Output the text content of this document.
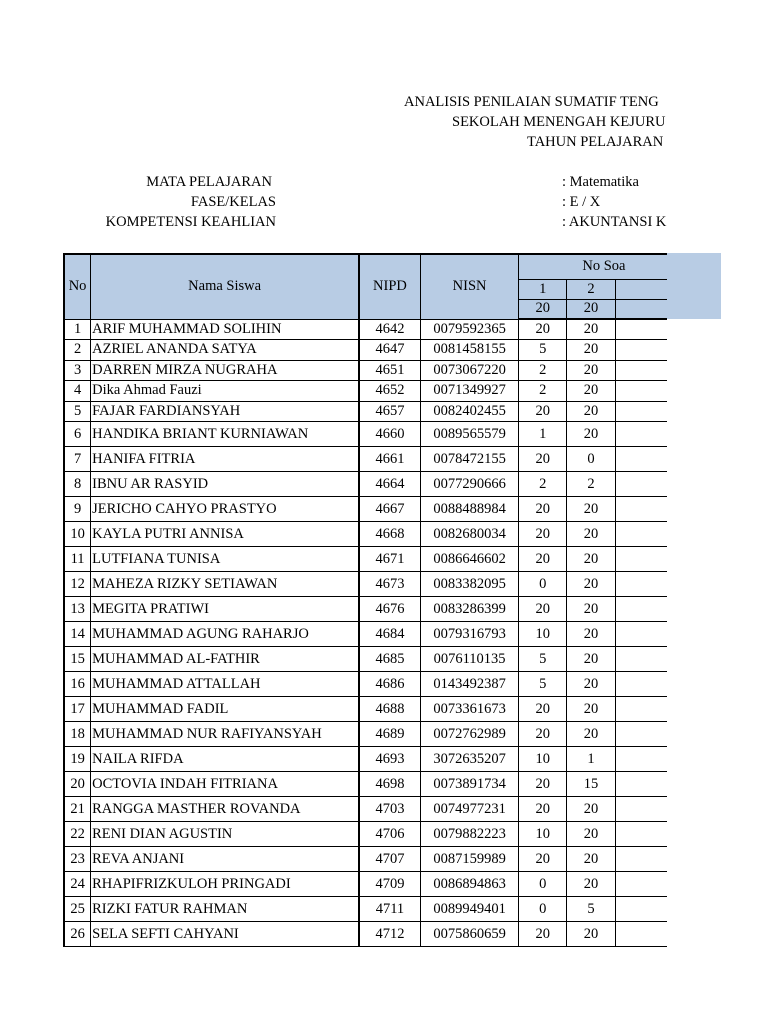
ANALISIS PENILAIAN SUMATIF TENG
SEKOLAH MENENGAH KEJURU
TAHUN PELAJARAN
MATA PELAJARAN	: Matematika
FASE/KELAS	: E / X
KOMPETENSI KEAHLIAN	: AKUNTANSI K
No	Nama Siswa	NIPD	NISN	No Soa		
				1	2	
				20	20	
1	ARIF MUHAMMAD SOLIHIN	4642	0079592365	20	20	
2	AZRIEL ANANDA SATYA	4647	0081458155	5	20	
3	DARREN MIRZA NUGRAHA	4651	0073067220	2	20	
4	Dika Ahmad Fauzi	4652	0071349927	2	20	
5	FAJAR FARDIANSYAH	4657	0082402455	20	20	
6	HANDIKA BRIANT KURNIAWAN	4660	0089565579	1	20	
7	HANIFA FITRIA	4661	0078472155	20	0	
8	IBNU AR RASYID	4664	0077290666	2	2	
9	JERICHO CAHYO PRASTYO	4667	0088488984	20	20	
10	KAYLA PUTRI ANNISA	4668	0082680034	20	20	
11	LUTFIANA TUNISA	4671	0086646602	20	20	
12	MAHEZA RIZKY SETIAWAN	4673	0083382095	0	20	
13	MEGITA PRATIWI	4676	0083286399	20	20	
14	MUHAMMAD AGUNG RAHARJO	4684	0079316793	10	20	
15	MUHAMMAD AL-FATHIR	4685	0076110135	5	20	
16	MUHAMMAD ATTALLAH	4686	0143492387	5	20	
17	MUHAMMAD FADIL	4688	0073361673	20	20	
18	MUHAMMAD NUR RAFIYANSYAH	4689	0072762989	20	20	
19	NAILA RIFDA	4693	3072635207	10	1	
20	OCTOVIA INDAH FITRIANA	4698	0073891734	20	15	
21	RANGGA MASTHER ROVANDA	4703	0074977231	20	20	
22	RENI DIAN AGUSTIN	4706	0079882223	10	20	
23	REVA ANJANI	4707	0087159989	20	20	
24	RHAPIFRIZKULOH PRINGADI	4709	0086894863	0	20	
25	RIZKI FATUR RAHMAN	4711	0089949401	0	5	
26	SELA SEFTI CAHYANI	4712	0075860659	20	20	
